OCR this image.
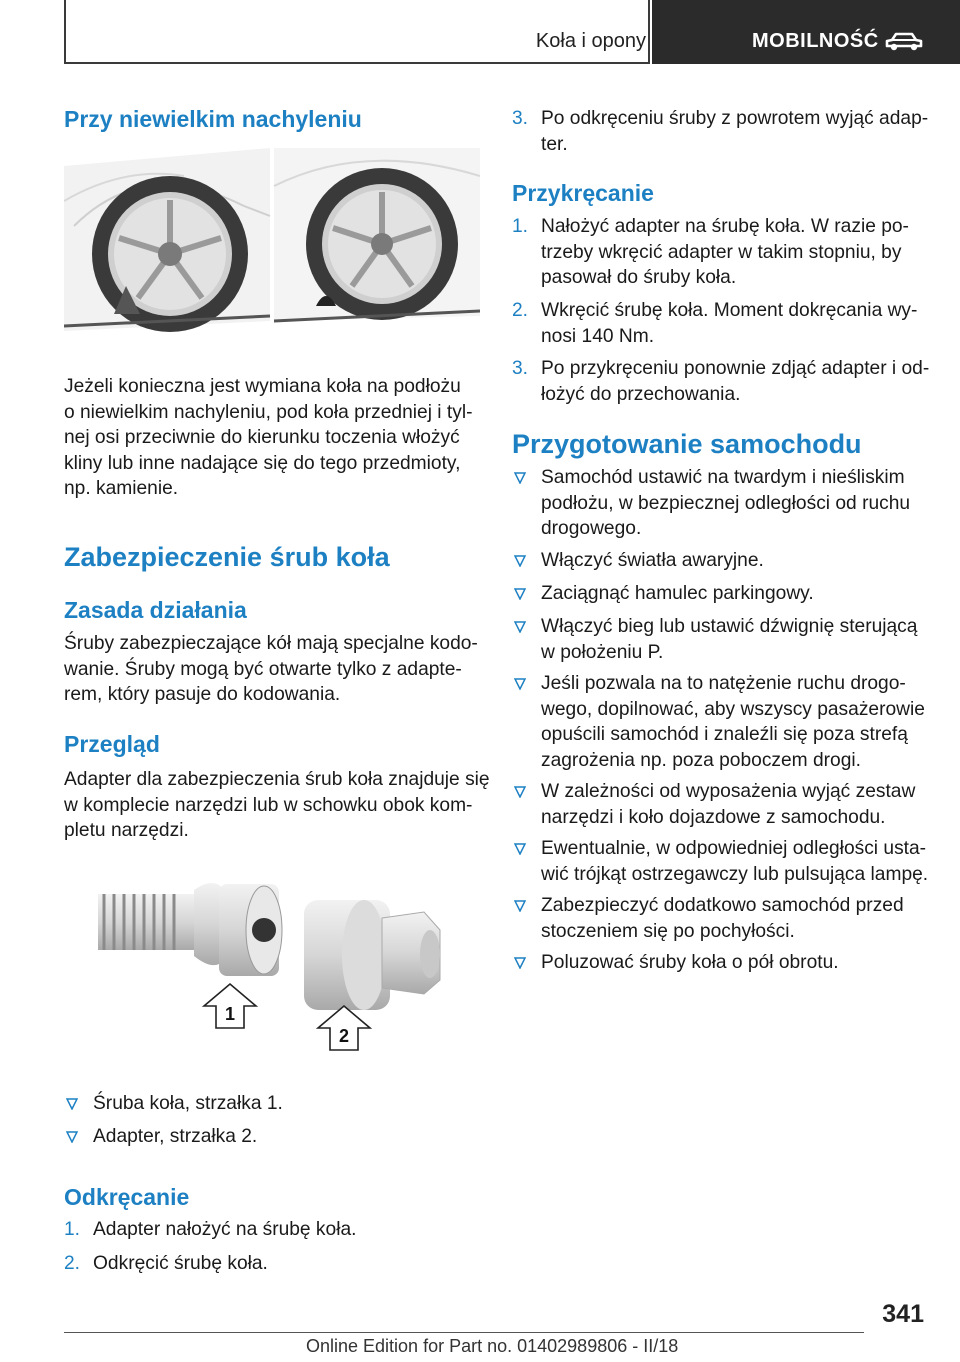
Koła i opony	MOBILNOŚĆ
Przy niewielkim nachyleniu
Jeżeli konieczna jest wymiana koła na podłożu
o niewielkim nachyleniu, pod koła przedniej i tyl‐
nej osi przeciwnie do kierunku toczenia włożyć
kliny lub inne nadające się do tego przedmioty,
np. kamienie.
Zabezpieczenie śrub koła
Zasada działania
Śruby zabezpieczające kół mają specjalne kodo‐
wanie. Śruby mogą być otwarte tylko z adapte‐
rem, który pasuje do kodowania.
Przegląd
Adapter dla zabezpieczenia śrub koła znajduje się
w komplecie narzędzi lub w schowku obok kom‐
pletu narzędzi.
1
2
Śruba koła, strzałka 1.
Adapter, strzałka 2.
Odkręcanie
1. Adapter nałożyć na śrubę koła.
2. Odkręcić śrubę koła.
3. Po odkręceniu śruby z powrotem wyjąć adap‐
ter.
Przykręcanie
1. Nałożyć adapter na śrubę koła. W razie po‐
trzeby wkręcić adapter w takim stopniu, by
pasował do śruby koła.
2. Wkręcić śrubę koła. Moment dokręcania wy‐
nosi 140 Nm.
3. Po przykręceniu ponownie zdjąć adapter i od‐
łożyć do przechowania.
Przygotowanie samochodu
Samochód ustawić na twardym i nieśliskim
podłożu, w bezpiecznej odległości od ruchu
drogowego.
Włączyć światła awaryjne.
Zaciągnąć hamulec parkingowy.
Włączyć bieg lub ustawić dźwignię sterującą
w położeniu P.
Jeśli pozwala na to natężenie ruchu drogo‐
wego, dopilnować, aby wszyscy pasażerowie
opuścili samochód i znaleźli się poza strefą
zagrożenia np. poza poboczem drogi.
W zależności od wyposażenia wyjąć zestaw
narzędzi i koło dojazdowe z samochodu.
Ewentualnie, w odpowiedniej odległości usta‐
wić trójkąt ostrzegawczy lub pulsująca lampę.
Zabezpieczyć dodatkowo samochód przed
stoczeniem się po pochyłości.
Poluzować śruby koła o pół obrotu.
341
Online Edition for Part no. 01402989806 - II/18
